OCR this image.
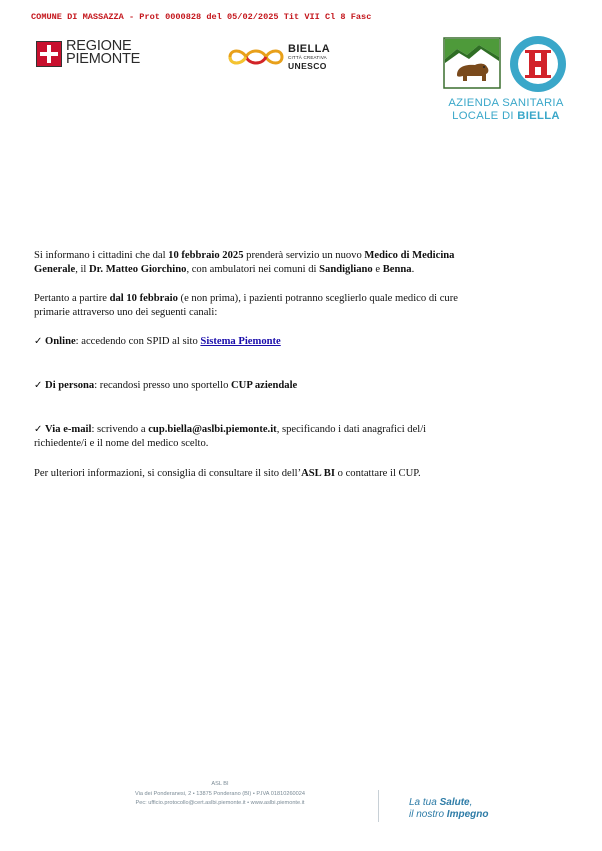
COMUNE DI MASSAZZA - Prot 0000828 del 05/02/2025 Tit VII Cl 8 Fasc
REGIONE
PIEMONTE
BIELLA
CITTÀ CREATIVA
UNESCO
AZIENDA SANITARIA
LOCALE DI BIELLA

Si informano i cittadini che dal 10 febbraio 2025 prenderà servizio un nuovo Medico di Medicina
Generale, il Dr. Matteo Giorchino, con ambulatori nei comuni di Sandigliano e Benna.

Pertanto a partire dal 10 febbraio (e non prima), i pazienti potranno sceglierlo quale medico di cure
primarie attraverso uno dei seguenti canali:

✓ Online: accedendo con SPID al sito Sistema Piemonte

✓ Di persona: recandosi presso uno sportello CUP aziendale

✓ Via e-mail: scrivendo a cup.biella@aslbi.piemonte.it, specificando i dati anagrafici del/i
richiedente/i e il nome del medico scelto.

Per ulteriori informazioni, si consiglia di consultare il sito dell’ASL BI o contattare il CUP.

ASL BI
Via dei Ponderanesi, 2 • 13875 Ponderano (BI) • P.IVA 01810260024
Pec: ufficio.protocollo@cert.aslbi.piemonte.it • www.aslbi.piemonte.it	La tua Salute,
il nostro Impegno
